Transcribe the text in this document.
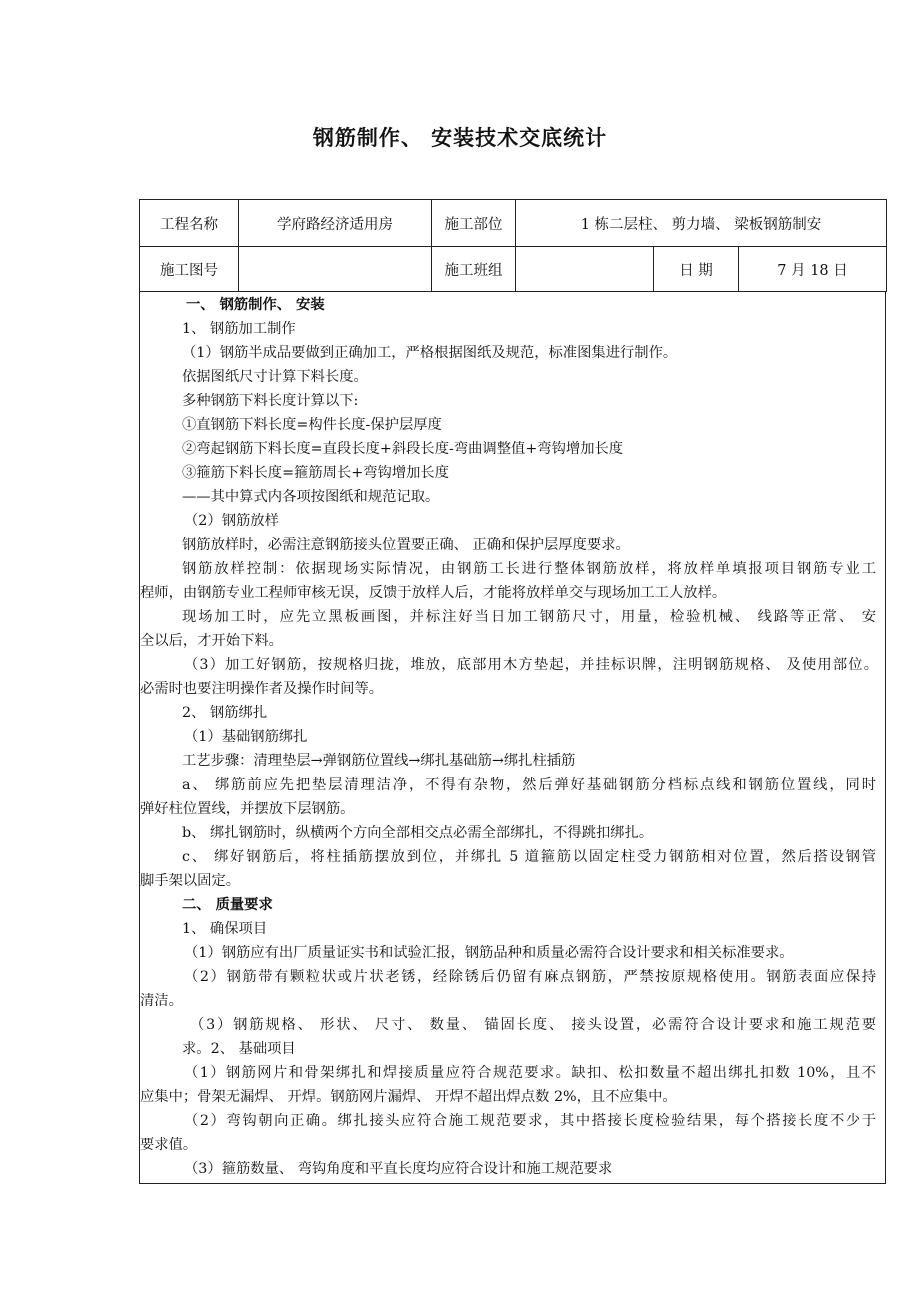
钢筋制作、 安装技术交底统计
工程名称	学府路经济适用房	施工部位	1 栋二层柱、 剪力墙、 梁板钢筋制安		
施工图号		施工班组		日 期	7 月 18 日
一、 钢筋制作、 安装
1、 钢筋加工制作
（1）钢筋半成品要做到正确加工，严格根据图纸及规范，标准图集进行制作。
依据图纸尺寸计算下料长度。
多种钢筋下料长度计算以下:
①直钢筋下料长度=构件长度-保护层厚度
②弯起钢筋下料长度=直段长度+斜段长度-弯曲调整值+弯钩增加长度
③箍筋下料长度=箍筋周长+弯钩增加长度
——其中算式内各项按图纸和规范记取。
（2）钢筋放样
钢筋放样时，必需注意钢筋接头位置要正确、 正确和保护层厚度要求。
钢筋放样控制：依据现场实际情况，由钢筋工长进行整体钢筋放样，将放样单填报项目钢筋专业工
程师，由钢筋专业工程师审核无误，反馈于放样人后，才能将放样单交与现场加工工人放样。
现场加工时，应先立黑板画图，并标注好当日加工钢筋尺寸，用量，检验机械、 线路等正常、 安
全以后，才开始下料。
（3）加工好钢筋，按规格归拢，堆放，底部用木方垫起，并挂标识牌，注明钢筋规格、 及使用部位。
必需时也要注明操作者及操作时间等。
2、 钢筋绑扎
（1）基础钢筋绑扎
工艺步骤：清理垫层→弹钢筋位置线→绑扎基础筋→绑扎柱插筋
a、 绑筋前应先把垫层清理洁净，不得有杂物，然后弹好基础钢筋分档标点线和钢筋位置线，同时
弹好柱位置线，并摆放下层钢筋。
b、 绑扎钢筋时，纵横两个方向全部相交点必需全部绑扎，不得跳扣绑扎。
c、 绑好钢筋后，将柱插筋摆放到位，并绑扎 5 道箍筋以固定柱受力钢筋相对位置，然后搭设钢管
脚手架以固定。
二、 质量要求
1、 确保项目
（1）钢筋应有出厂质量证实书和试验汇报，钢筋品种和质量必需符合设计要求和相关标准要求。
（2）钢筋带有颗粒状或片状老锈，经除锈后仍留有麻点钢筋，严禁按原规格使用。钢筋表面应保持
清洁。
（3）钢筋规格、 形状、 尺寸、 数量、 锚固长度、 接头设置，必需符合设计要求和施工规范要
求。2、 基础项目
（1）钢筋网片和骨架绑扎和焊接质量应符合规范要求。缺扣、松扣数量不超出绑扎扣数 10%，且不
应集中；骨架无漏焊、 开焊。钢筋网片漏焊、 开焊不超出焊点数 2%，且不应集中。
（2）弯钩朝向正确。绑扎接头应符合施工规范要求，其中搭接长度检验结果，每个搭接长度不少于
要求值。
（3）箍筋数量、 弯钩角度和平直长度均应符合设计和施工规范要求
